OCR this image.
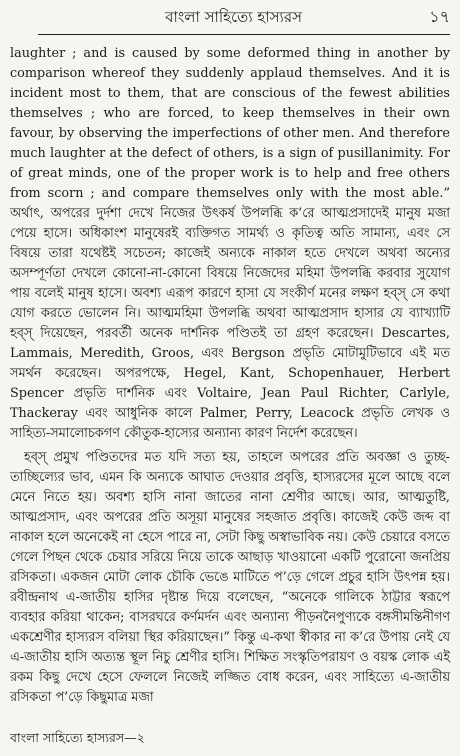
বাংলা সাহিত্যে হাস্যরস	১৭

laughter ; and is caused by some deformed thing in another by comparison whereof they suddenly applaud themselves. And it is incident most to them, that are conscious of the fewest abilities themselves ; who are forced, to keep themselves in their own favour, by observing the imperfections of other men. And therefore much laughter at the defect of others, is a sign of pusillanimity. For of great minds, one of the proper work is to help and free others from scorn ; and compare themselves only with the most able.” অর্থাৎ, অপরের দুর্দশা দেখে নিজের উৎকর্ষ উপলব্ধি ক’রে আত্মপ্রসাদেই মানুষ মজা পেয়ে হাসে। অধিকাংশ মানুষেরই ব্যক্তিগত সামর্থ্য ও কৃতিত্ব অতি সামান্য, এবং সে বিষয়ে তারা যথেষ্টই সচেতন; কাজেই অন্যকে নাকাল হতে দেখলে অথবা অন্যের অসম্পূর্ণতা দেখলে কোনো-না-কোনো বিষয়ে নিজেদের মহিমা উপলব্ধি করবার সুযোগ পায় বলেই মানুষ হাসে। অবশ্য এরূপ কারণে হাসা যে সংকীর্ণ মনের লক্ষণ হব্‌স্‌ সে কথা যোগ করতে ভোলেন নি। আত্মমহিমা উপলব্ধি অথবা আত্মপ্রসাদ হাসার যে ব্যাখ্যাটি হব্‌স্‌ দিয়েছেন, পরবর্তী অনেক দার্শনিক পণ্ডিতই তা গ্রহণ করেছেন। Descartes, Lammais, Meredith, Groos, এবং Bergson প্রভৃতি মোটামুটিভাবে এই মত সমর্থন করেছেন। অপরপক্ষে, Hegel, Kant, Schopenhauer, Herbert Spencer প্রভৃতি দার্শনিক এবং Voltaire, Jean Paul Richter, Carlyle, Thackeray এবং আধুনিক কালে Palmer, Perry, Leacock প্রভৃতি লেখক ও সাহিত্য-সমালোচকগণ কৌতুক-হাস্যের অন্যান্য কারণ নির্দেশ করেছেন।

হব্‌স্‌ প্রমুখ পণ্ডিতদের মত যদি সত্য হয়, তাহলে অপরের প্রতি অবজ্ঞা ও তুচ্ছ-তাচ্ছিল্যের ভাব, এমন কি অন্যকে আঘাত দেওয়ার প্রবৃত্তি, হাস্যরসের মূলে আছে বলে মেনে নিতে হয়। অবশ্য হাসি নানা জাতের নানা শ্রেণীর আছে। আর, আত্মতুষ্টি, আত্মপ্রসাদ, এবং অপরের প্রতি অসূয়া মানুষের সহজাত প্রবৃত্তি। কাজেই কেউ জব্দ বা নাকাল হলে অনেকেই না হেসে পারে না, সেটা কিছু অস্বাভাবিক নয়। কেউ চেয়ারে বসতে গেলে পিছন থেকে চেয়ার সরিয়ে নিয়ে তাকে আছাড় খাওয়ানো একটি পুরোনো জনপ্রিয় রসিকতা। একজন মোটা লোক চৌকি ভেঙে মাটিতে প’ড়ে গেলে প্রচুর হাসি উৎপন্ন হয়। রবীন্দ্রনাথ এ-জাতীয় হাসির দৃষ্টান্ত দিয়ে বলেছেন, “অনেকে গালিকে ঠাট্টার স্বরূপে ব্যবহার করিয়া থাকেন; বাসরঘরে কর্ণমর্দন এবং অন্যান্য পীড়ননৈপুণ্যকে বঙ্গসীমন্তিনীগণ একশ্রেণীর হাস্যরস বলিয়া স্থির করিয়াছেন।” কিন্তু এ-কথা স্বীকার না ক’রে উপায় নেই যে এ-জাতীয় হাসি অত্যন্ত স্থূল নিচু শ্রেণীর হাসি। শিক্ষিত সংস্কৃতিপরায়ণ ও বয়স্ক লোক এই রকম কিছু দেখে হেসে ফেললে নিজেই লজ্জিত বোধ করেন, এবং সাহিত্যে এ-জাতীয় রসিকতা প’ড়ে কিছুমাত্র মজা

বাংলা সাহিত্যে হাস্যরস—২
